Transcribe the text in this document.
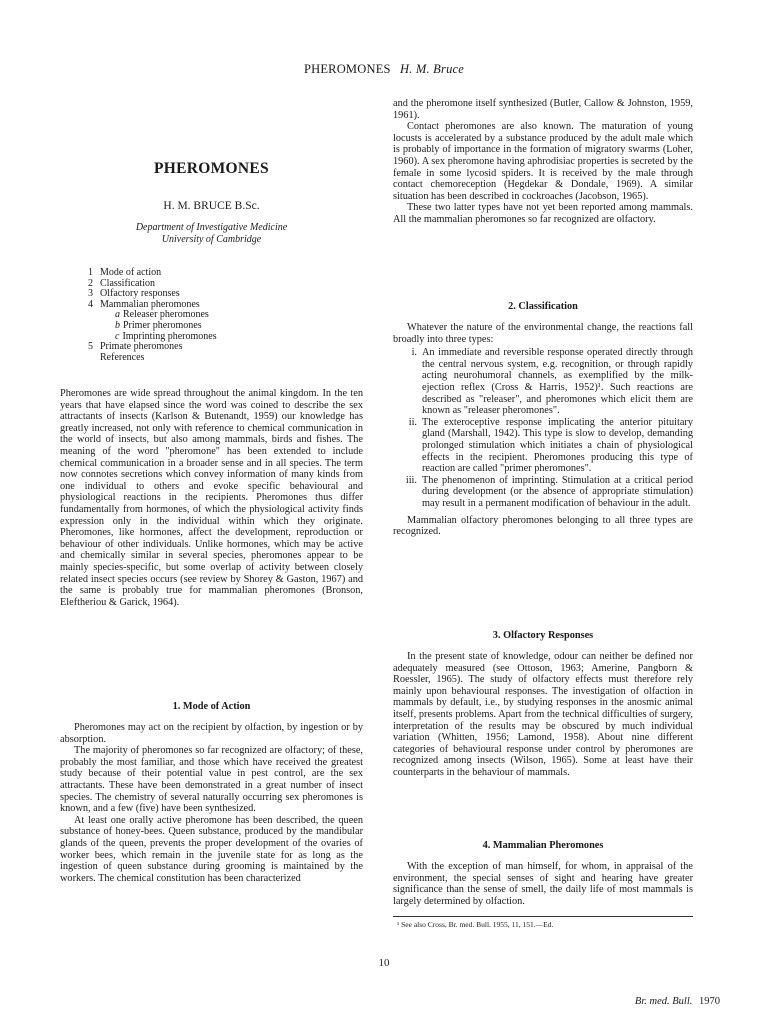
PHEROMONES H. M. Bruce
PHEROMONES
H. M. BRUCE B.Sc.
Department of Investigative Medicine
University of Cambridge
1 Mode of action
2 Classification
3 Olfactory responses
4 Mammalian pheromones
a Releaser pheromones
b Primer pheromones
c Imprinting pheromones
5 Primate pheromones
References

Pheromones are wide spread throughout the animal kingdom. In the ten years that have elapsed since the word was coined to describe the sex attractants of insects (Karlson & Butenandt, 1959) our knowledge has greatly increased, not only with reference to chemical communication in the world of insects, but also among mammals, birds and fishes. The meaning of the word "pheromone" has been extended to include chemical communication in a broader sense and in all species. The term now connotes secretions which convey information of many kinds from one individual to others and evoke specific behavioural and physiological reactions in the recipients. Pheromones thus differ fundamentally from hormones, of which the physiological activity finds expression only in the individual within which they originate. Pheromones, like hormones, affect the development, reproduction or behaviour of other individuals. Unlike hormones, which may be active and chemically similar in several species, pheromones appear to be mainly species-specific, but some overlap of activity between closely related insect species occurs (see review by Shorey & Gaston, 1967) and the same is probably true for mammalian pheromones (Bronson, Eleftheriou & Garick, 1964).

1. Mode of Action

Pheromones may act on the recipient by olfaction, by ingestion or by absorption.

The majority of pheromones so far recognized are olfactory; of these, probably the most familiar, and those which have received the greatest study because of their potential value in pest control, are the sex attractants. These have been demonstrated in a great number of insect species. The chemistry of several naturally occurring sex pheromones is known, and a few (five) have been synthesized.

At least one orally active pheromone has been described, the queen substance of honey-bees. Queen substance, produced by the mandibular glands of the queen, prevents the proper development of the ovaries of worker bees, which remain in the juvenile state for as long as the ingestion of queen substance during grooming is maintained by the workers. The chemical constitution has been characterized

and the pheromone itself synthesized (Butler, Callow & Johnston, 1959, 1961).

Contact pheromones are also known. The maturation of young locusts is accelerated by a substance produced by the adult male which is probably of importance in the formation of migratory swarms (Loher, 1960). A sex pheromone having aphrodisiac properties is secreted by the female in some lycosid spiders. It is received by the male through contact chemoreception (Hegdekar & Dondale, 1969). A similar situation has been described in cockroaches (Jacobson, 1965).

These two latter types have not yet been reported among mammals. All the mammalian pheromones so far recognized are olfactory.

2. Classification

Whatever the nature of the environmental change, the reactions fall broadly into three types:

i. An immediate and reversible response operated directly through the central nervous system, e.g. recognition, or through rapidly acting neurohumoral channels, as exemplified by the milk-ejection reflex (Cross & Harris, 1952)¹. Such reactions are described as "releaser", and pheromones which elicit them are known as "releaser pheromones".
ii. The exteroceptive response implicating the anterior pituitary gland (Marshall, 1942). This type is slow to develop, demanding prolonged stimulation which initiates a chain of physiological effects in the recipient. Pheromones producing this type of reaction are called "primer pheromones".
iii. The phenomenon of imprinting. Stimulation at a critical period during development (or the absence of appropriate stimulation) may result in a permanent modification of behaviour in the adult.

Mammalian olfactory pheromones belonging to all three types are recognized.

3. Olfactory Responses

In the present state of knowledge, odour can neither be defined nor adequately measured (see Ottoson, 1963; Amerine, Pangborn & Roessler, 1965). The study of olfactory effects must therefore rely mainly upon behavioural responses. The investigation of olfaction in mammals by default, i.e., by studying responses in the anosmic animal itself, presents problems. Apart from the technical difficulties of surgery, interpretation of the results may be obscured by much individual variation (Whitten, 1956; Lamond, 1958). About nine different categories of behavioural response under control by pheromones are recognized among insects (Wilson, 1965). Some at least have their counterparts in the behaviour of mammals.

4. Mammalian Pheromones

With the exception of man himself, for whom, in appraisal of the environment, the special senses of sight and hearing have greater significance than the sense of smell, the daily life of most mammals is largely determined by olfaction.

¹ See also Cross, Br. med. Bull. 1955, 11, 151.—Ed.
10
Br. med. Bull. 1970
